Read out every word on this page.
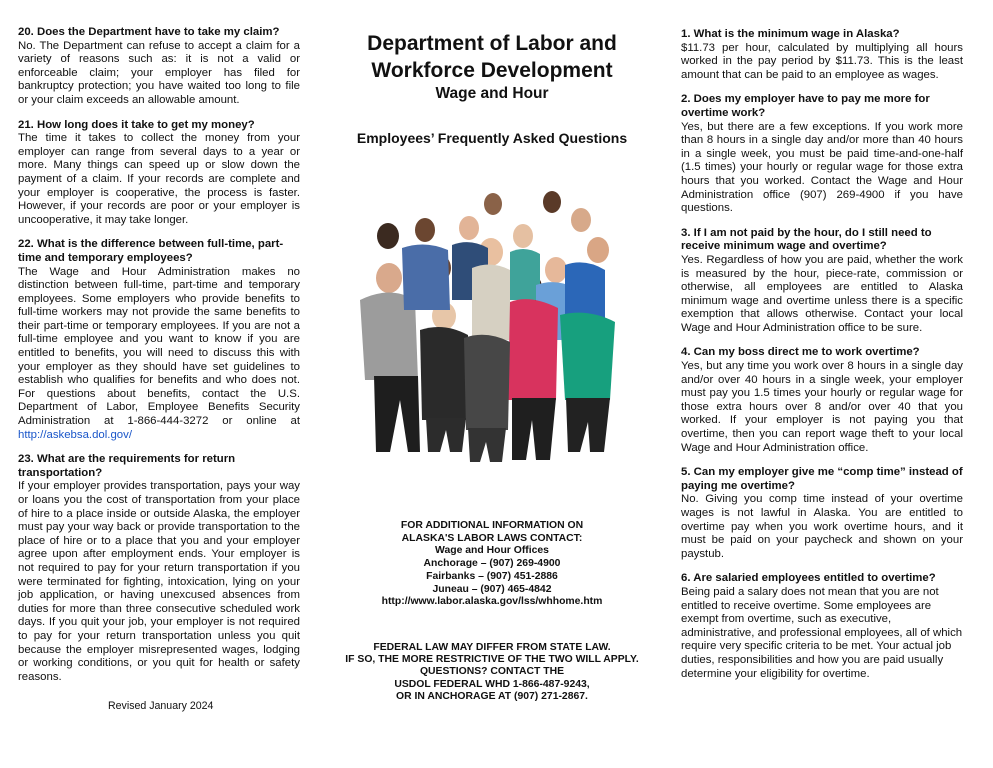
20. Does the Department have to take my claim?

No. The Department can refuse to accept a claim for a variety of reasons such as: it is not a valid or enforceable claim; your employer has filed for bankruptcy protection; you have waited too long to file or your claim exceeds an allowable amount.

21. How long does it take to get my money?

The time it takes to collect the money from your employer can range from several days to a year or more. Many things can speed up or slow down the payment of a claim. If your records are complete and your employer is cooperative, the process is faster. However, if your records are poor or your employer is uncooperative, it may take longer.

22. What is the difference between full-time, part-time and temporary employees?

The Wage and Hour Administration makes no distinction between full-time, part-time and temporary employees. Some employers who provide benefits to full-time workers may not provide the same benefits to their part-time or temporary employees. If you are not a full-time employee and you want to know if you are entitled to benefits, you will need to discuss this with your employer as they should have set guidelines to establish who qualifies for benefits and who does not. For questions about benefits, contact the U.S. Department of Labor, Employee Benefits Security Administration at 1-866-444-3272 or online at http://askebsa.dol.gov/

23. What are the requirements for return transportation?

If your employer provides transportation, pays your way or loans you the cost of transportation from your place of hire to a place inside or outside Alaska, the employer must pay your way back or provide transportation to the place of hire or to a place that you and your employer agree upon after employment ends. Your employer is not required to pay for your return transportation if you were terminated for fighting, intoxication, lying on your job application, or having unexcused absences from duties for more than three consecutive scheduled work days. If you quit your job, your employer is not required to pay for your return transportation unless you quit because the employer misrepresented wages, lodging or working conditions, or you quit for health or safety reasons.

Revised January 2024

Department of Labor and

Workforce Development

Wage and Hour

Employees’ Frequently Asked Questions

FOR ADDITIONAL INFORMATION ON
ALASKA'S LABOR LAWS CONTACT:
Wage and Hour Offices
Anchorage – (907) 269-4900
Fairbanks – (907) 451-2886
Juneau – (907) 465-4842
http://www.labor.alaska.gov/lss/whhome.htm
FEDERAL LAW MAY DIFFER FROM STATE LAW.
IF SO, THE MORE RESTRICTIVE OF THE TWO WILL APPLY.
QUESTIONS? CONTACT THE
USDOL FEDERAL WHD 1-866-487-9243,
OR IN ANCHORAGE AT (907) 271-2867.

1. What is the minimum wage in Alaska?

$11.73 per hour, calculated by multiplying all hours worked in the pay period by $11.73. This is the least amount that can be paid to an employee as wages.

2. Does my employer have to pay me more for overtime work?

Yes, but there are a few exceptions. If you work more than 8 hours in a single day and/or more than 40 hours in a single week, you must be paid time-and-one-half (1.5 times) your hourly or regular wage for those extra hours that you worked. Contact the Wage and Hour Administration office (907) 269-4900 if you have questions.

3. If I am not paid by the hour, do I still need to receive minimum wage and overtime?

Yes. Regardless of how you are paid, whether the work is measured by the hour, piece-rate, commission or otherwise, all employees are entitled to Alaska minimum wage and overtime unless there is a specific exemption that allows otherwise. Contact your local Wage and Hour Administration office to be sure.

4. Can my boss direct me to work overtime?

Yes, but any time you work over 8 hours in a single day and/or over 40 hours in a single week, your employer must pay you 1.5 times your hourly or regular wage for those extra hours over 8 and/or over 40 that you worked. If your employer is not paying you that overtime, then you can report wage theft to your local Wage and Hour Administration office.

5. Can my employer give me “comp time” instead of paying me overtime?

No. Giving you comp time instead of your overtime wages is not lawful in Alaska. You are entitled to overtime pay when you work overtime hours, and it must be paid on your paycheck and shown on your paystub.

6. Are salaried employees entitled to overtime?Being paid a salary does not mean that you are not entitled to receive overtime. Some employees are exempt from overtime, such as executive, administrative, and professional employees, all of which require very specific criteria to be met. Your actual job duties, responsibilities and how you are paid usually determine your eligibility for overtime.
